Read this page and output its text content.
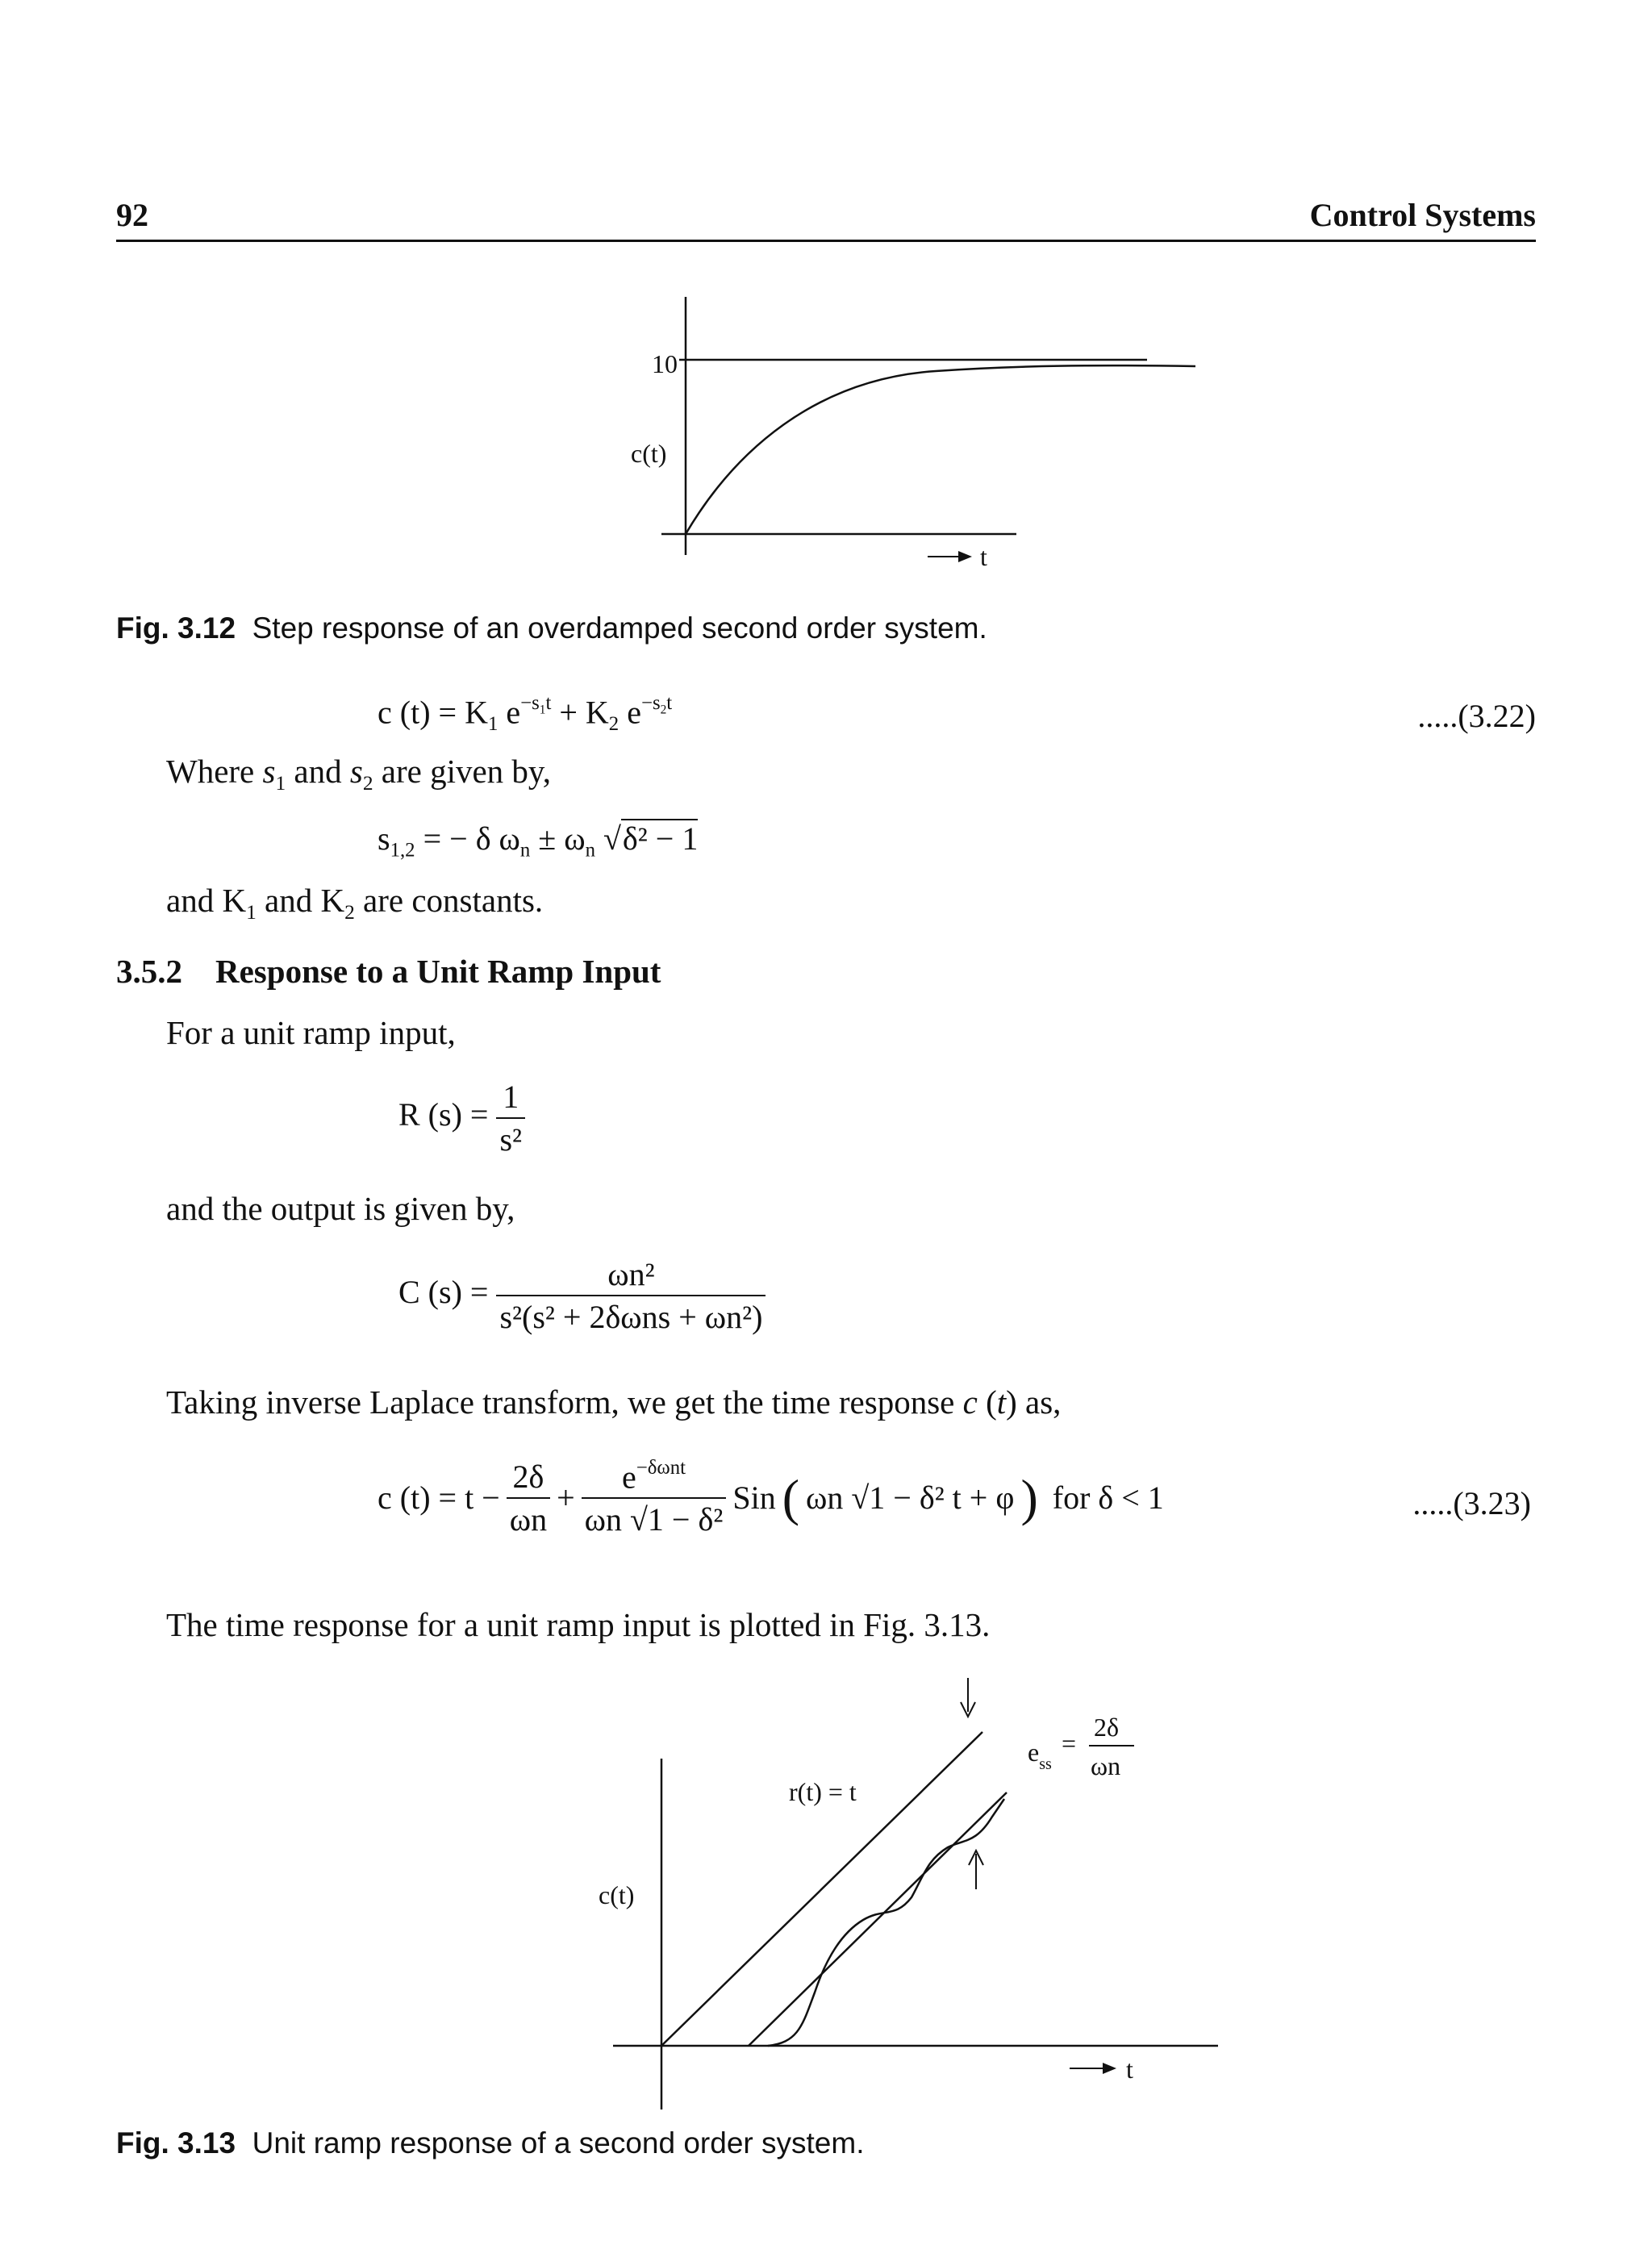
92	Control Systems
10
c(t)
t
Fig. 3.12 Step response of an overdamped second order system.
c $(t) = K_1$ $e^{-s_1t} + K_2$ $e^{-s_2t}$	.....(3.22)
Where $s_1$ and $s_2$ are given by,
$s_{1,2}$ = − δ $\omega_n \pm \omega_n$ √δ² − 1
and $K_1$ and $K_2$ are constants.
3.5.2 Response to a Unit Ramp Input
For a unit ramp input,
R $(s) = \frac{1}{\text{s²}}$
and the output is given by,
C $(s) = \frac{\text{ωn²}}{\text{s²(s² + 2δωns + ωn²)}}$
Taking inverse Laplace transform, we get the time response c (t) as,
c $(t) = t - \frac{2\delta}{\omega n} + \frac{e^{-\delta\omega nt}}{\text{ωn √1 − δ²}}$ Sin ( ωn √1 − δ² t + φ ) for δ < 1	.....(3.23)
The time response for a unit ramp input is plotted in Fig. 3.13.
r(t) = t
c(t)
$e_{ss}$
=
2δ
ωn
t
Fig. 3.13 Unit ramp response of a second order system.
